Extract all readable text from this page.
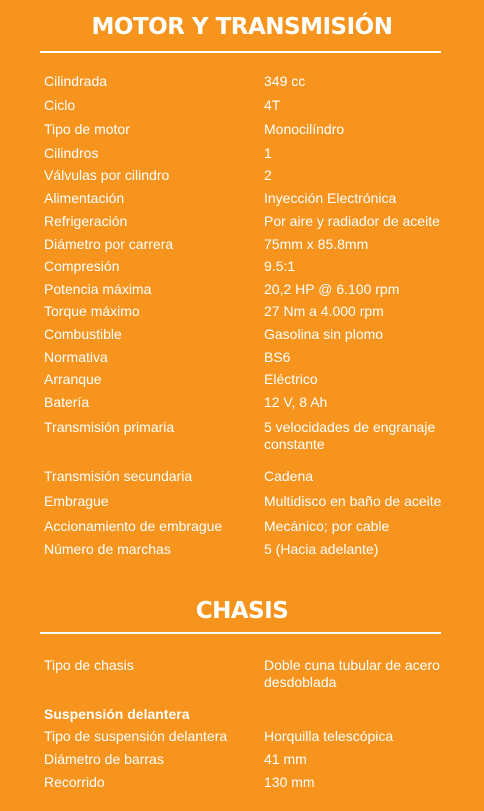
MOTOR Y TRANSMISIÓN
Cilindrada	349 cc
Ciclo	4T
Tipo de motor	Monocilíndro
Cilindros	1
Válvulas por cilindro	2
Alimentación	Inyección Electrónica
Refrigeración	Por aire y radiador de aceite
Diámetro por carrera	75mm x 85.8mm
Compresión	9.5:1
Potencia máxima	20,2 HP @ 6.100 rpm
Torque máximo	27 Nm a 4.000 rpm
Combustible	Gasolina sin plomo
Normativa	BS6
Arranque	Eléctrico
Batería	12 V, 8 Ah
Transmisión primaria	5 velocidades de engranaje
constante
Transmisión secundaria	Cadena
Embrague	Multidisco en baño de aceite
Accionamiento de embrague	Mecánico; por cable
Número de marchas	5 (Hacia adelante)
CHASIS
Tipo de chasis	Doble cuna tubular de acero
desdoblada
Suspensión delantera
Tipo de suspensión delantera	Horquilla telescópica
Diámetro de barras	41 mm
Recorrido	130 mm
